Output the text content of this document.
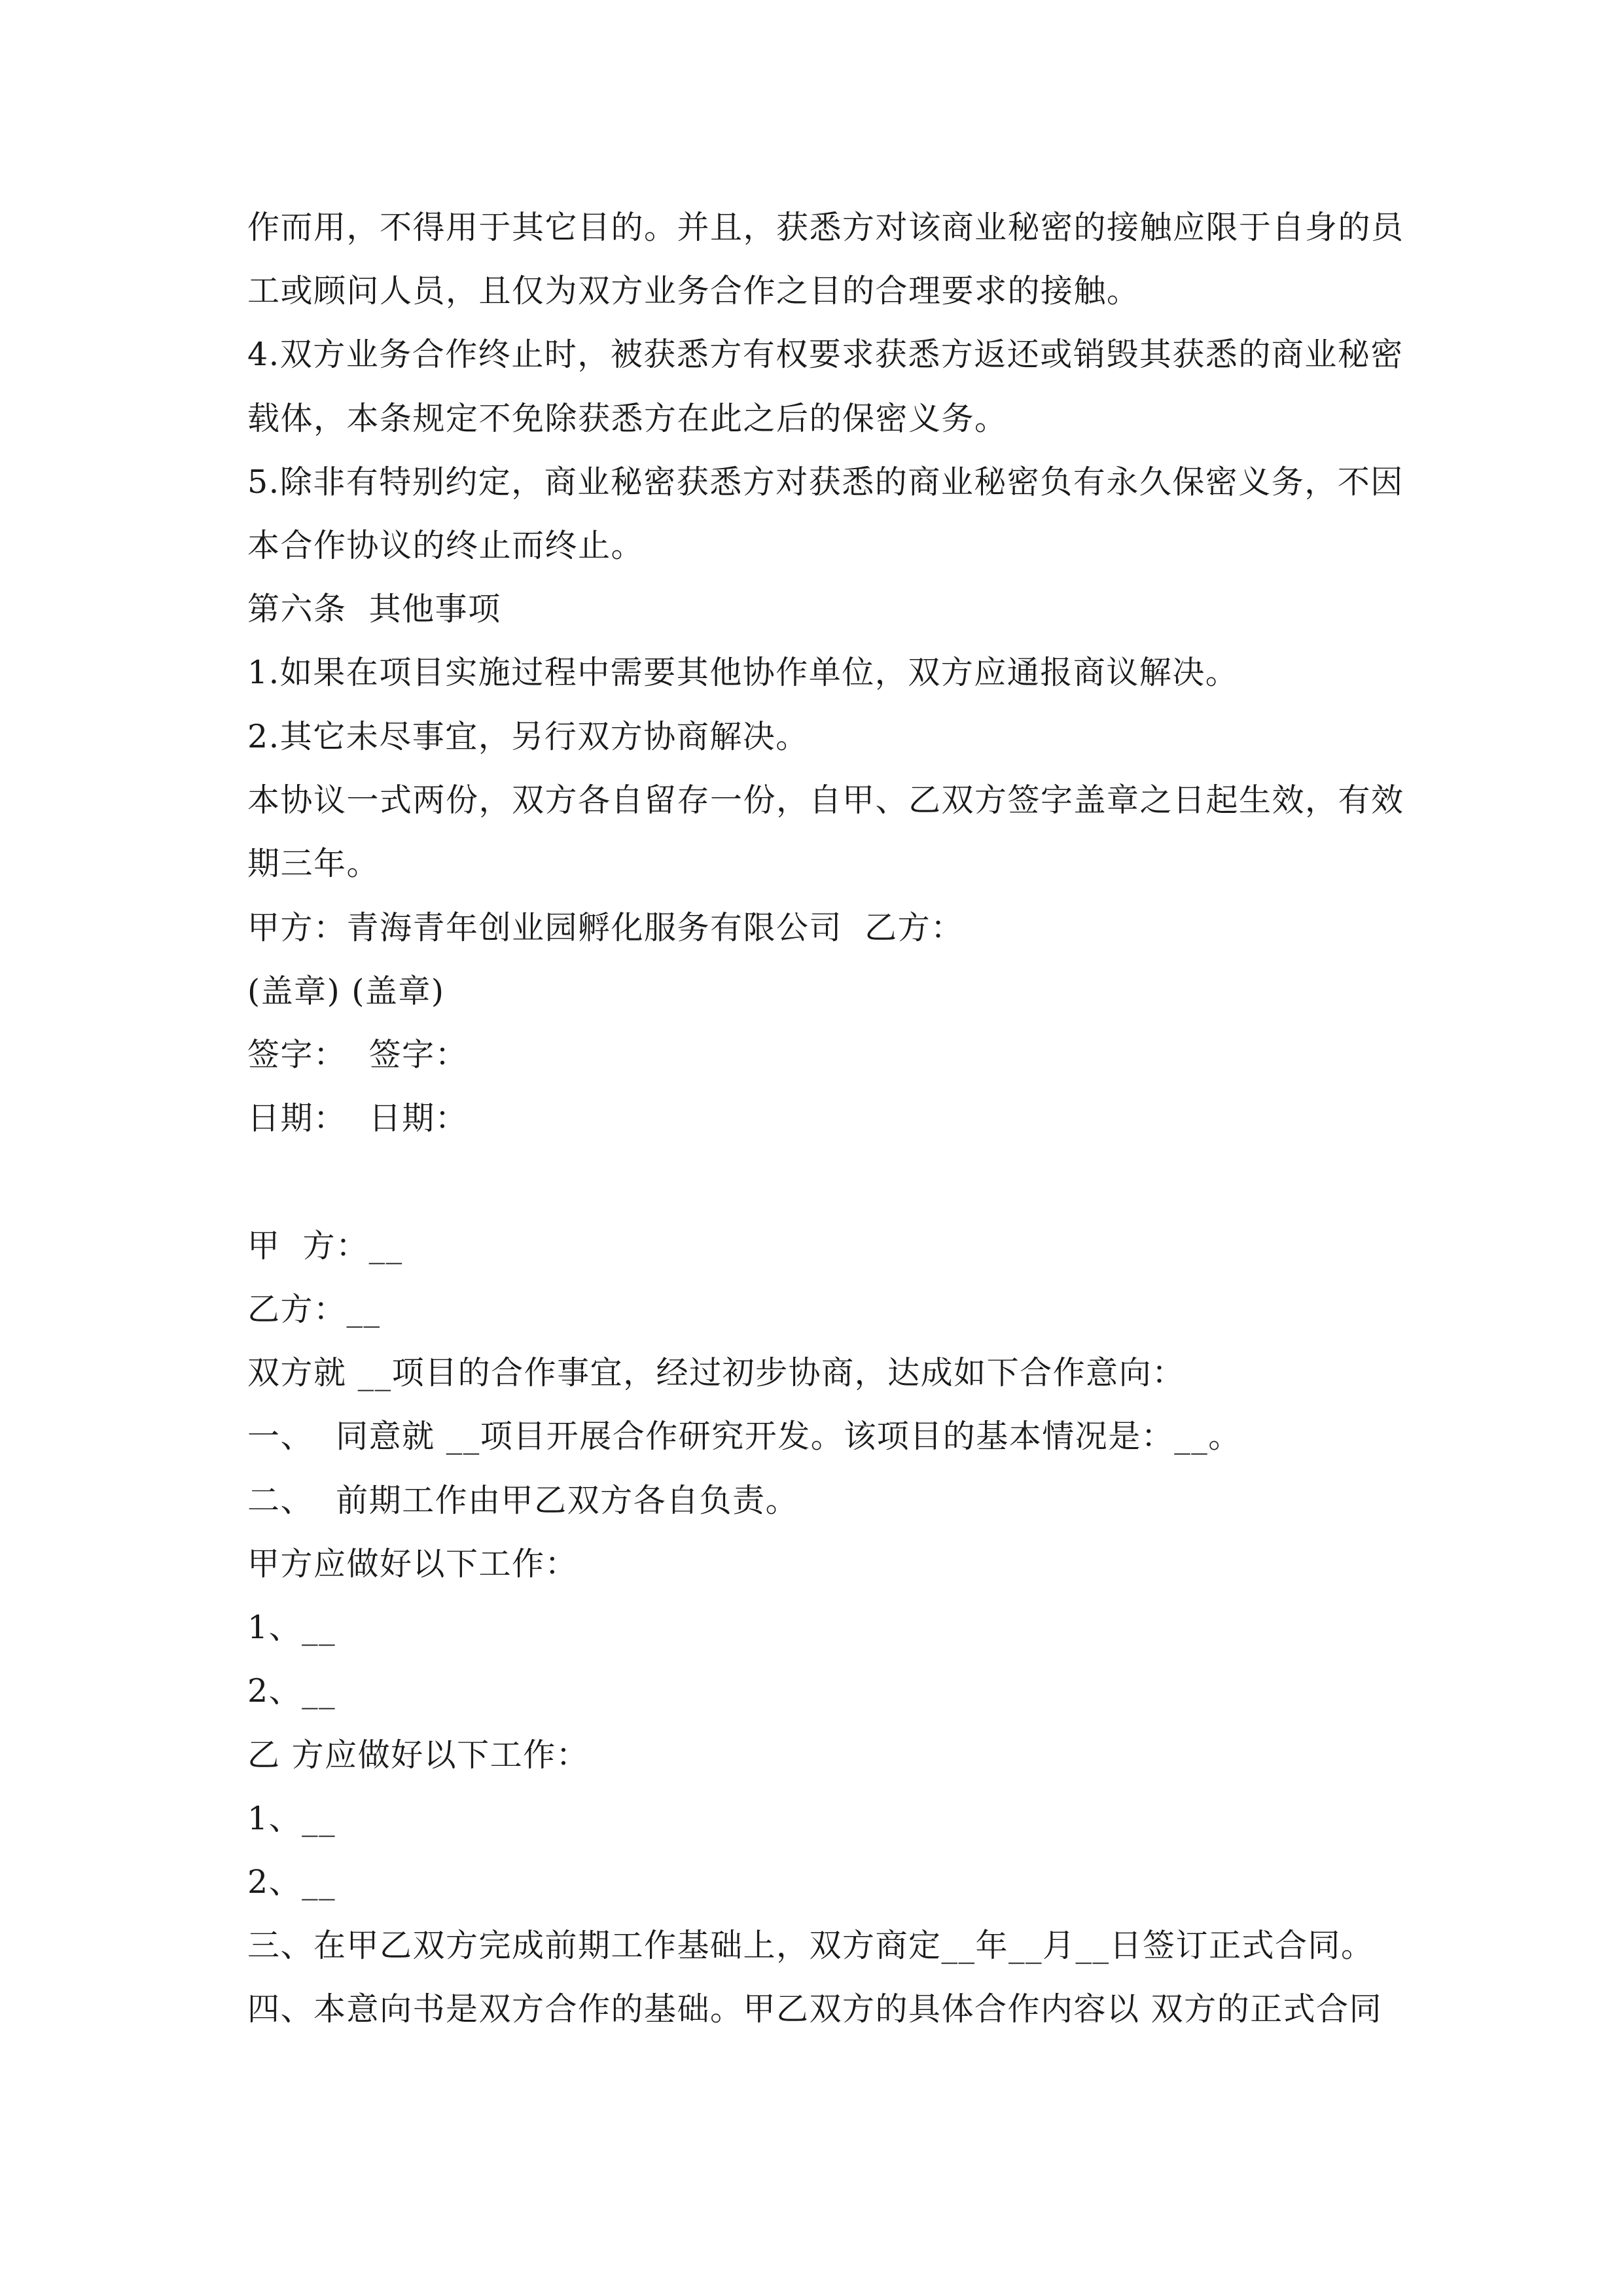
作而用，不得用于其它目的。并且，获悉方对该商业秘密的接触应限于自身的员
工或顾问人员，且仅为双方业务合作之目的合理要求的接触。
4.双方业务合作终止时，被获悉方有权要求获悉方返还或销毁其获悉的商业秘密
载体，本条规定不免除获悉方在此之后的保密义务。
5.除非有特别约定，商业秘密获悉方对获悉的商业秘密负有永久保密义务，不因
本合作协议的终止而终止。
第六条  其他事项
1.如果在项目实施过程中需要其他协作单位，双方应通报商议解决。
2.其它未尽事宜，另行双方协商解决。
本协议一式两份，双方各自留存一份，自甲、乙双方签字盖章之日起生效，有效
期三年。
甲方：青海青年创业园孵化服务有限公司  乙方：
(盖章) (盖章)
签字：  签字：
日期：  日期：
甲  方：__
乙方：__
双方就 __项目的合作事宜，经过初步协商，达成如下合作意向：
一、  同意就 __项目开展合作研究开发。该项目的基本情况是：__。
二、  前期工作由甲乙双方各自负责。
甲方应做好以下工作：
1、__
2、__
乙 方应做好以下工作：
1、__
2、__
三、在甲乙双方完成前期工作基础上，双方商定__年__月__日签订正式合同。
四、本意向书是双方合作的基础。甲乙双方的具体合作内容以 双方的正式合同
